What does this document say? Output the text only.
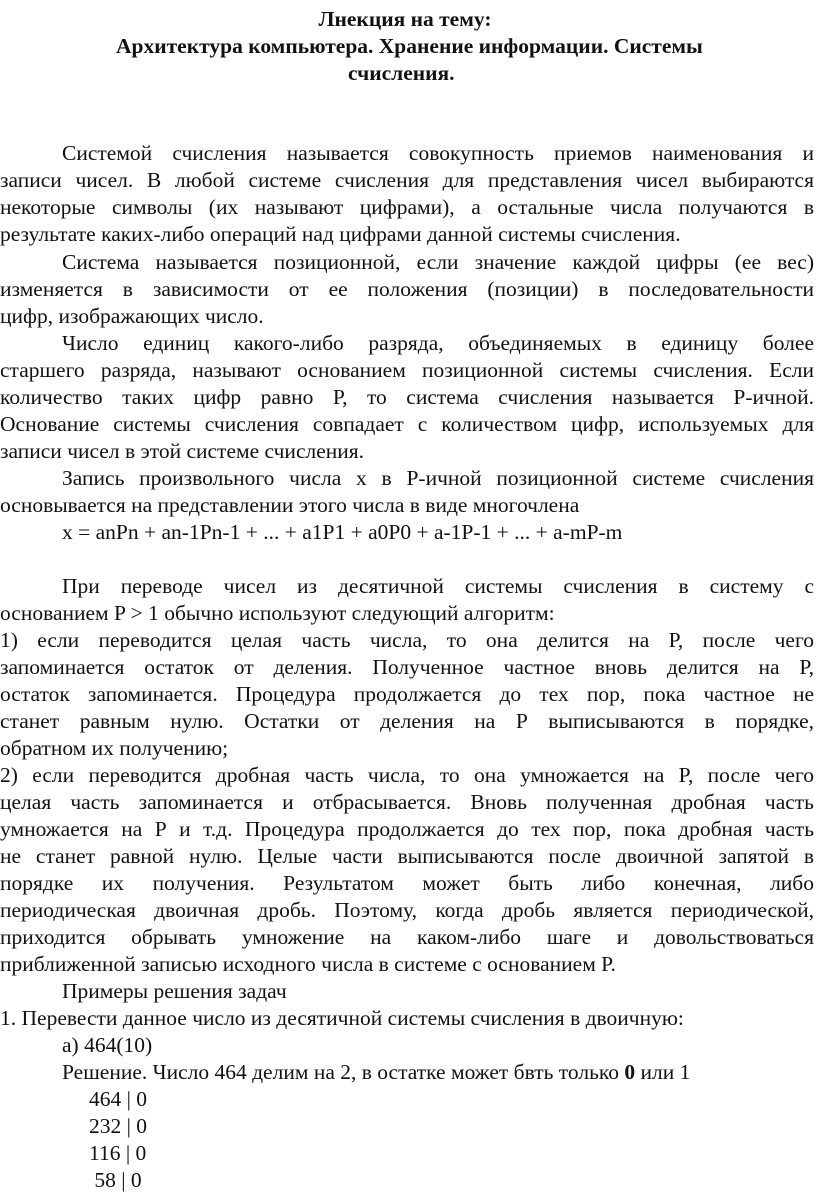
Лнекция на тему:
Архитектура компьютера. Хранение информации. Системы
счисления.
Системой счисления называется совокупность приемов наименования и
записи чисел. В любой системе счисления для представления чисел выбираются
некоторые символы (их называют цифрами), а остальные числа получаются в
результате каких-либо операций над цифрами данной системы счисления.
Система называется позиционной, если значение каждой цифры (ее вес)
изменяется в зависимости от ее положения (позиции) в последовательности
цифр, изображающих число.
Число единиц какого-либо разряда, объединяемых в единицу более
старшего разряда, называют основанием позиционной системы счисления. Если
количество таких цифр равно Р, то система счисления называется Р-ичной.
Основание системы счисления совпадает с количеством цифр, используемых для
записи чисел в этой системе счисления.
Запись произвольного числа x в Р-ичной позиционной системе счисления
основывается на представлении этого числа в виде многочлена
x = anPn + an-1Pn-1 + ... + a1P1 + a0P0 + a-1P-1 + ... + a-mP-m
При переводе чисел из десятичной системы счисления в систему с
основанием P > 1 обычно используют следующий алгоритм:
1) если переводится целая часть числа, то она делится на Р, после чего
запоминается остаток от деления. Полученное частное вновь делится на Р,
остаток запоминается. Процедура продолжается до тех пор, пока частное не
станет равным нулю. Остатки от деления на Р выписываются в порядке,
обратном их получению;
2) если переводится дробная часть числа, то она умножается на Р, после чего
целая часть запоминается и отбрасывается. Вновь полученная дробная часть
умножается на Р и т.д. Процедура продолжается до тех пор, пока дробная часть
не станет равной нулю. Целые части выписываются после двоичной запятой в
порядке их получения. Результатом может быть либо конечная, либо
периодическая двоичная дробь. Поэтому, когда дробь является периодической,
приходится обрывать умножение на каком-либо шаге и довольствоваться
приближенной записью исходного числа в системе с основанием Р.
Примеры решения задач
1. Перевести данное число из десятичной системы счисления в двоичную:
а) 464(10)
Решение. Число 464 делим на 2, в остатке может бвть только 0 или 1
464 | 0
232 | 0
116 | 0
58 | 0
